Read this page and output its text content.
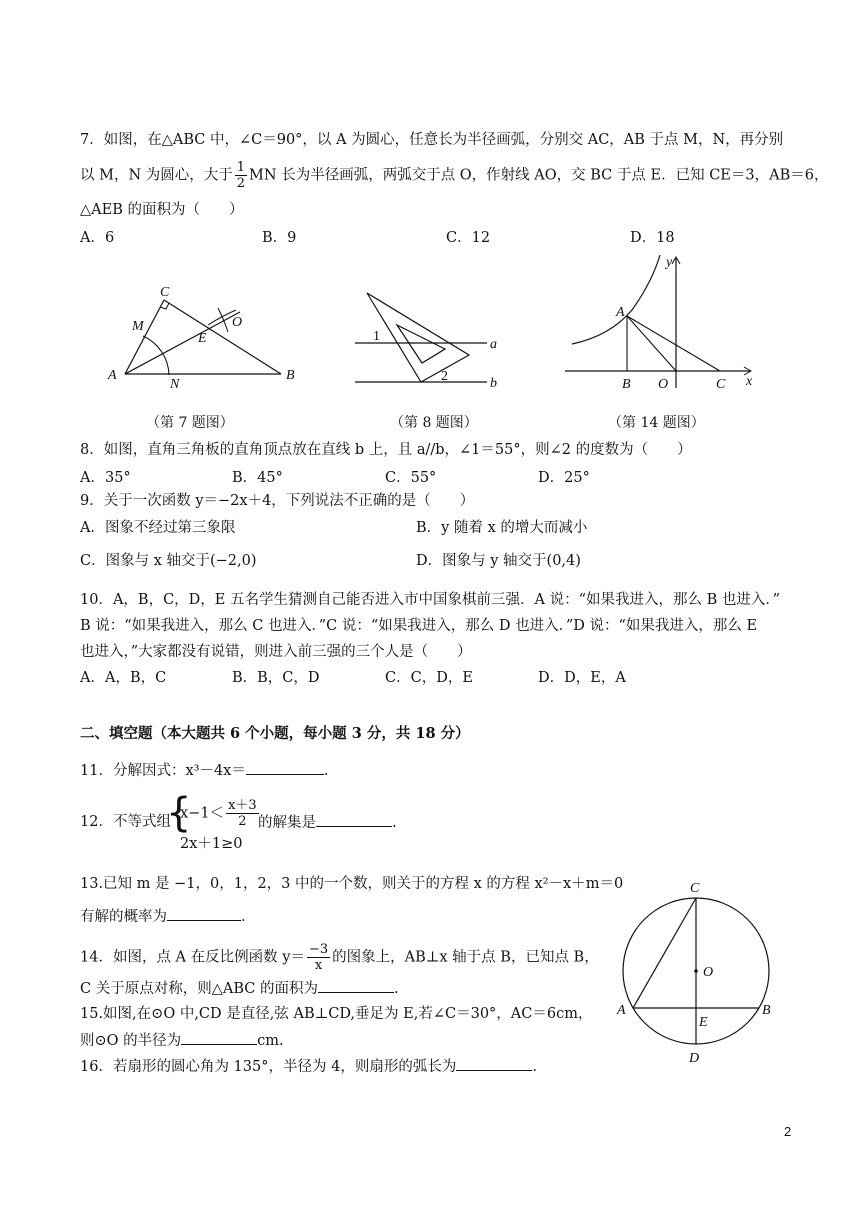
7．如图，在△ABC 中，∠C＝90°，以 A 为圆心，任意长为半径画弧，分别交 AC，AB 于点 M，N，再分别
以 M，N 为圆心，大于 $\frac{1}{2}$ MN 长为半径画弧，两弧交于点 O，作射线 AO，交 BC 于点 E．已知 CE＝3，AB＝6，
△AEB 的面积为（　　）
A．6	B．9	C．12	D．18
C
M	O
E
A
N
B
（第 7 题图）
1
a
2	b
（第 8 题图）
y
A
B O	C x
（第 14 题图）
8．如图，直角三角板的直角顶点放在直线 b 上，且 a//b，∠1＝55°，则∠2 的度数为（　　）
A．35°	B．45°	C．55°	D．25°
9．关于一次函数 y＝−2x＋4，下列说法不正确的是（　　）
A．图象不经过第三象限	B．y 随着 x 的增大而减小
C．图象与 x 轴交于(−2,0)	D．图象与 y 轴交于(0,4)
10．A，B，C，D，E 五名学生猜测自己能否进入市中国象棋前三强．A 说：“如果我进入，那么 B 也进入．”
B 说：“如果我进入，那么 C 也进入．”C 说：“如果我进入，那么 D 也进入．”D 说：“如果我进入，那么 E
也进入，”大家都没有说错，则进入前三强的三个人是（　　）
A．A，B，C	B．B，C，D	C．C，D，E	D．D，E，A
二、填空题（本大题共 6 个小题，每小题 3 分，共 18 分）
11．分解因式：x³－4x＝	.
12．不等式组
{
$x-1< \frac{x+3}{2}$
2x＋1≥0
的解集是	.
13.已知 m 是 −1，0，1，2，3 中的一个数，则关于的方程 x 的方程 x²－x＋m＝0
有解的概率为	.
14．如图，点 A 在反比例函数 $y= \frac{-3}{x}$ 的图象上，AB⊥x 轴于点 B，已知点 B，
C 关于原点对称，则△ABC 的面积为	.
15.如图,在⊙O 中,CD 是直径,弦 AB⊥CD,垂足为 E,若∠C＝30°，AC＝6cm，
则⊙O 的半径为	cm.
16．若扇形的圆心角为 135°，半径为 4，则扇形的弧长为	.
C
O
A	B
E
D
2
